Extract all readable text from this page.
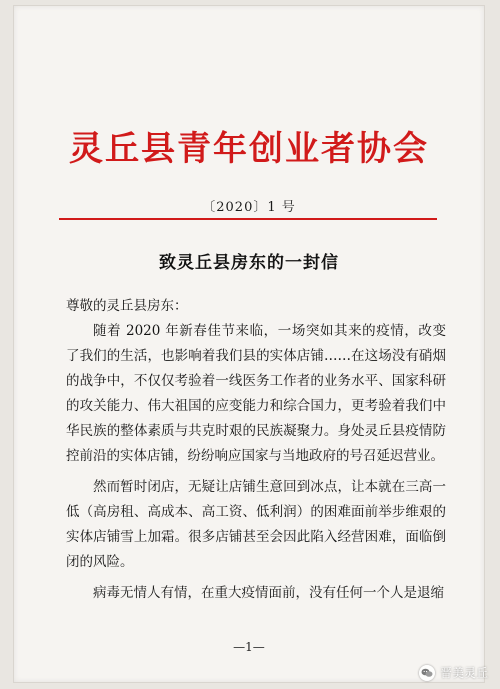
灵丘县青年创业者协会
〔2020〕1 号
致灵丘县房东的一封信

尊敬的灵丘县房东：

随着 2020 年新春佳节来临，一场突如其来的疫情，改变了我们的生活，也影响着我们县的实体店铺……在这场没有硝烟的战争中，不仅仅考验着一线医务工作者的业务水平、国家科研的攻关能力、伟大祖国的应变能力和综合国力，更考验着我们中华民族的整体素质与共克时艰的民族凝聚力。身处灵丘县疫情防控前沿的实体店铺，纷纷响应国家与当地政府的号召延迟营业。

然而暂时闭店，无疑让店铺生意回到冰点，让本就在三高一低（高房租、高成本、高工资、低利润）的困难面前举步维艰的实体店铺雪上加霜。很多店铺甚至会因此陷入经营困难，面临倒闭的风险。

病毒无情人有情，在重大疫情面前，没有任何一个人是退缩

—1—
晋美灵丘
